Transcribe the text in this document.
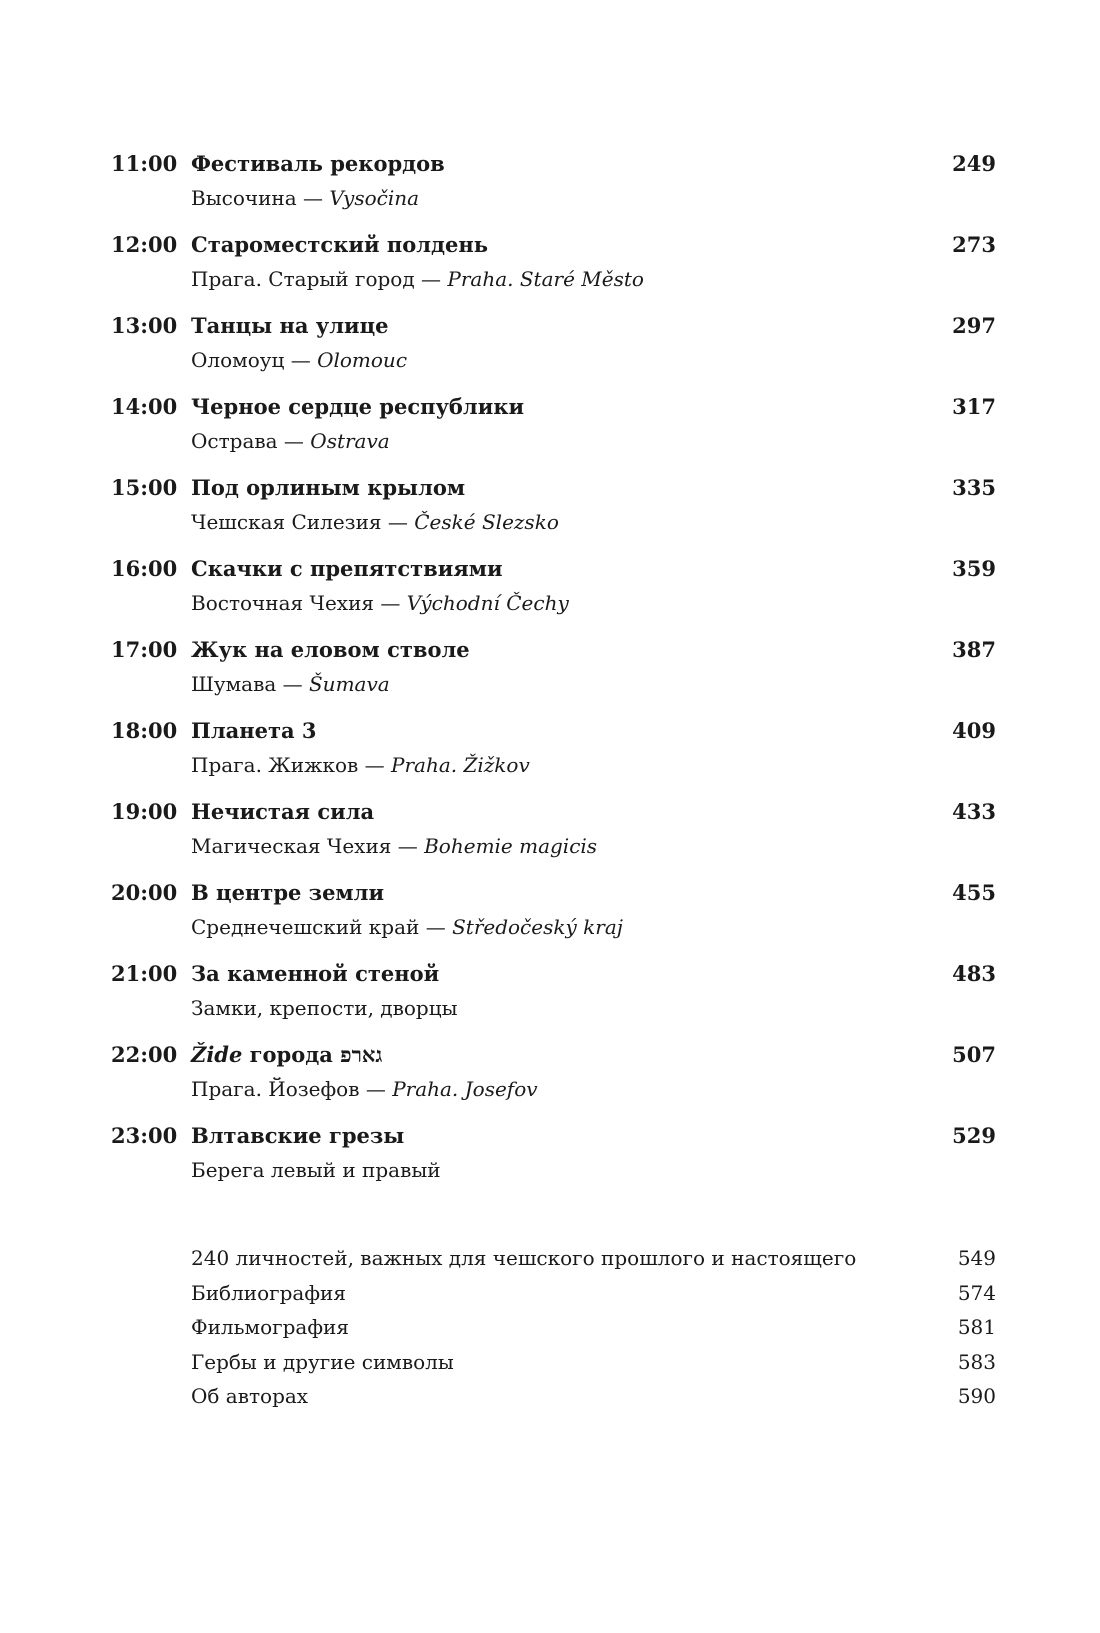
11:00 Фестиваль рекордов	249
Высочина — Vysočina
12:00 Староместский полдень	273
Прага. Старый город — Praha. Staré Město
13:00 Танцы на улице	297
Оломоуц — Olomouc
14:00 Черное сердце республики	317
Острава — Ostrava
15:00 Под орлиным крылом	335
Чешская Силезия — České Slezsko
16:00 Скачки с препятствиями	359
Восточная Чехия — Východní Čechy
17:00 Жук на еловом стволе	387
Шумава — Šumava
18:00 Планета 3	409
Прага. Жижков — Praha. Žižkov
19:00 Нечистая сила	433
Магическая Чехия — Bohemie magicis
20:00 В центре земли	455
Среднечешский край — Středočeský kraj
21:00 За каменной стеной	483
Замки, крепости, дворцы
22:00 Žide города גארפ	507
Прага. Йозефов — Praha. Josefov
23:00 Влтавские грезы	529
Берега левый и правый
240 личностей, важных для чешского прошлого и настоящего	549
Библиография	574
Фильмография	581
Гербы и другие символы	583
Об авторах	590
